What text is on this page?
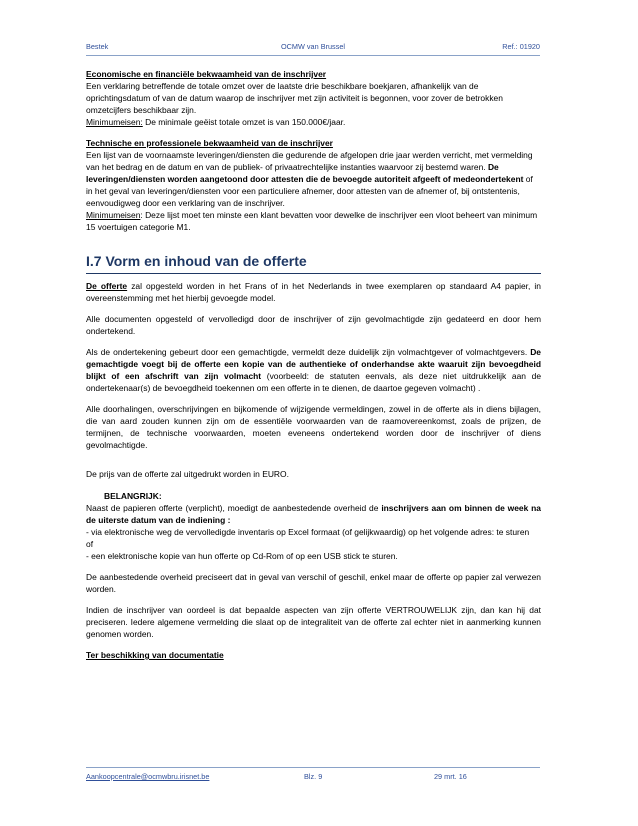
Bestek	OCMW van Brussel	Ref.: 01920

Economische en financiële bekwaamheid van de inschrijver

Een verklaring betreffende de totale omzet over de laatste drie beschikbare boekjaren, afhankelijk van de oprichtingsdatum of van de datum waarop de inschrijver met zijn activiteit is begonnen, voor zover de betrokken omzetcijfers beschikbaar zijn.

Minimumeisen: De minimale geëist totale omzet is van 150.000€/jaar.

Technische en professionele bekwaamheid van de inschrijver

Een lijst van de voornaamste leveringen/diensten die gedurende de afgelopen drie jaar werden verricht, met vermelding van het bedrag en de datum en van de publiek- of privaatrechtelijke instanties waarvoor zij bestemd waren. De leveringen/diensten worden aangetoond door attesten die de bevoegde autoriteit afgeeft of medeondertekent of in het geval van leveringen/diensten voor een particuliere afnemer, door attesten van de afnemer of, bij ontstentenis, eenvoudigweg door een verklaring van de inschrijver.

Minimumeisen: Deze lijst moet ten minste een klant bevatten voor dewelke de inschrijver een vloot beheert van minimum 15 voertuigen categorie M1.

I.7 Vorm en inhoud van de offerte

De offerte zal opgesteld worden in het Frans of in het Nederlands in twee exemplaren op standaard A4 papier, in overeenstemming met het hierbij gevoegde model.

Alle documenten opgesteld of vervolledigd door de inschrijver of zijn gevolmachtigde zijn gedateerd en door hem ondertekend.

Als de ondertekening gebeurt door een gemachtigde, vermeldt deze duidelijk zijn volmachtgever of volmachtgevers. De gemachtigde voegt bij de offerte een kopie van de authentieke of onderhandse akte waaruit zijn bevoegdheid blijkt of een afschrift van zijn volmacht (voorbeeld: de statuten eenvals, als deze niet uitdrukkelijk aan de ondertekenaar(s) de bevoegdheid toekennen om een offerte in te dienen, de daartoe gegeven volmacht) .

Alle doorhalingen, overschrijvingen en bijkomende of wijzigende vermeldingen, zowel in de offerte als in diens bijlagen, die van aard zouden kunnen zijn om de essentiële voorwaarden van de raamovereenkomst, zoals de prijzen, de termijnen, de technische voorwaarden, moeten eveneens ondertekend worden door de inschrijver of diens gevolmachtigde.

De prijs van de offerte zal uitgedrukt worden in EURO.

BELANGRIJK:

Naast de papieren offerte (verplicht), moedigt de aanbestedende overheid de inschrijvers aan om binnen de week na de uiterste datum van de indiening :

- via elektronische weg de vervolledigde inventaris op Excel formaat (of gelijkwaardig) op het volgende adres: te sturen

of

- een elektronische kopie van hun offerte op Cd-Rom of op een USB stick te sturen.

De aanbestedende overheid preciseert dat in geval van verschil of geschil, enkel maar de offerte op papier zal verwezen worden.

Indien de inschrijver van oordeel is dat bepaalde aspecten van zijn offerte VERTROUWELIJK zijn, dan kan hij dat preciseren. Iedere algemene vermelding die slaat op de integraliteit van de offerte zal echter niet in aanmerking kunnen genomen worden.

Ter beschikking van documentatie

Aankoopcentrale@ocmwbru.irisnet.be	Blz. 9	29 mrt. 16
